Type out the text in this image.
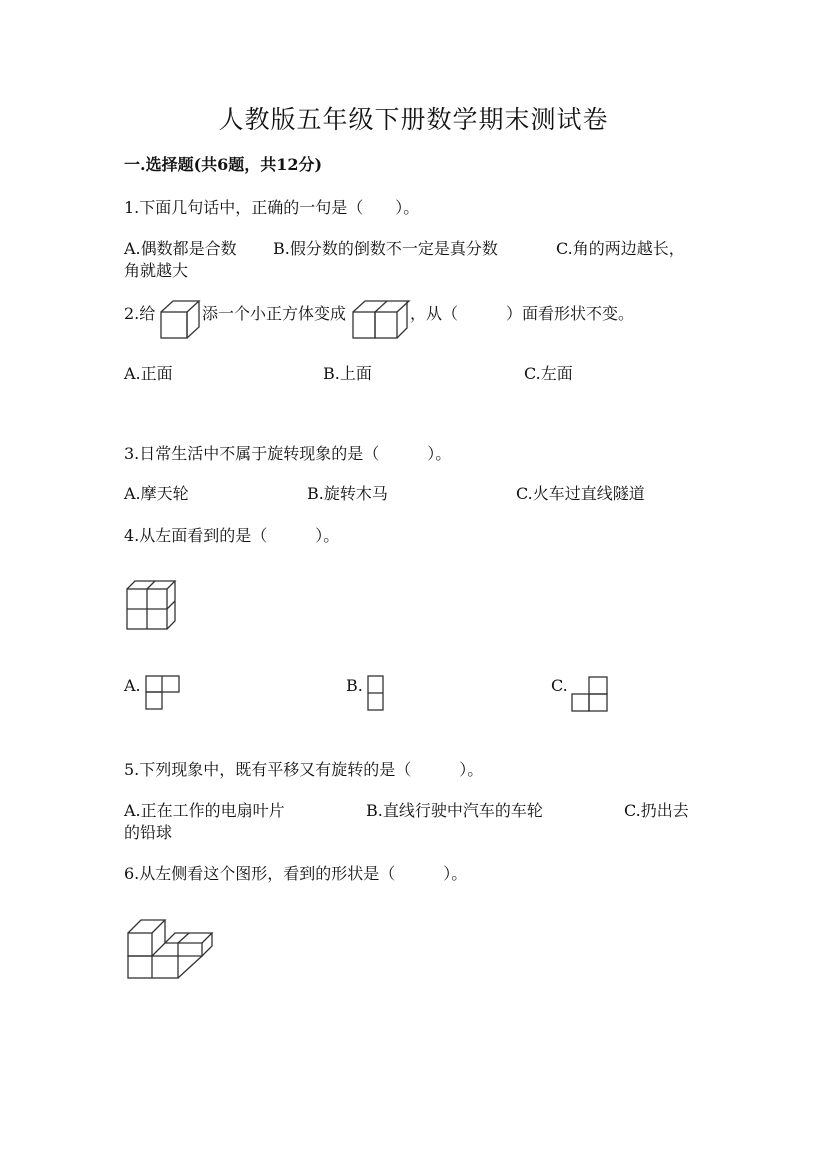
人教版五年级下册数学期末测试卷
一.选择题(共6题，共12分)
1.下面几句话中，正确的一句是（　　）。
A.偶数都是合数 B.假分数的倒数不一定是真分数	C.角的两边越长，
角就越大
2.给	添一个小正方体变成	，从（　　　）面看形状不变。
A.正面	B.上面	C.左面
3.日常生活中不属于旋转现象的是（　　　）。
A.摩天轮	B.旋转木马	C.火车过直线隧道
4.从左面看到的是（　　　）。
A.	B.	C.
5.下列现象中，既有平移又有旋转的是（　　　）。
A.正在工作的电扇叶片	B.直线行驶中汽车的车轮	C.扔出去
的铅球
6.从左侧看这个图形，看到的形状是（　　　）。
